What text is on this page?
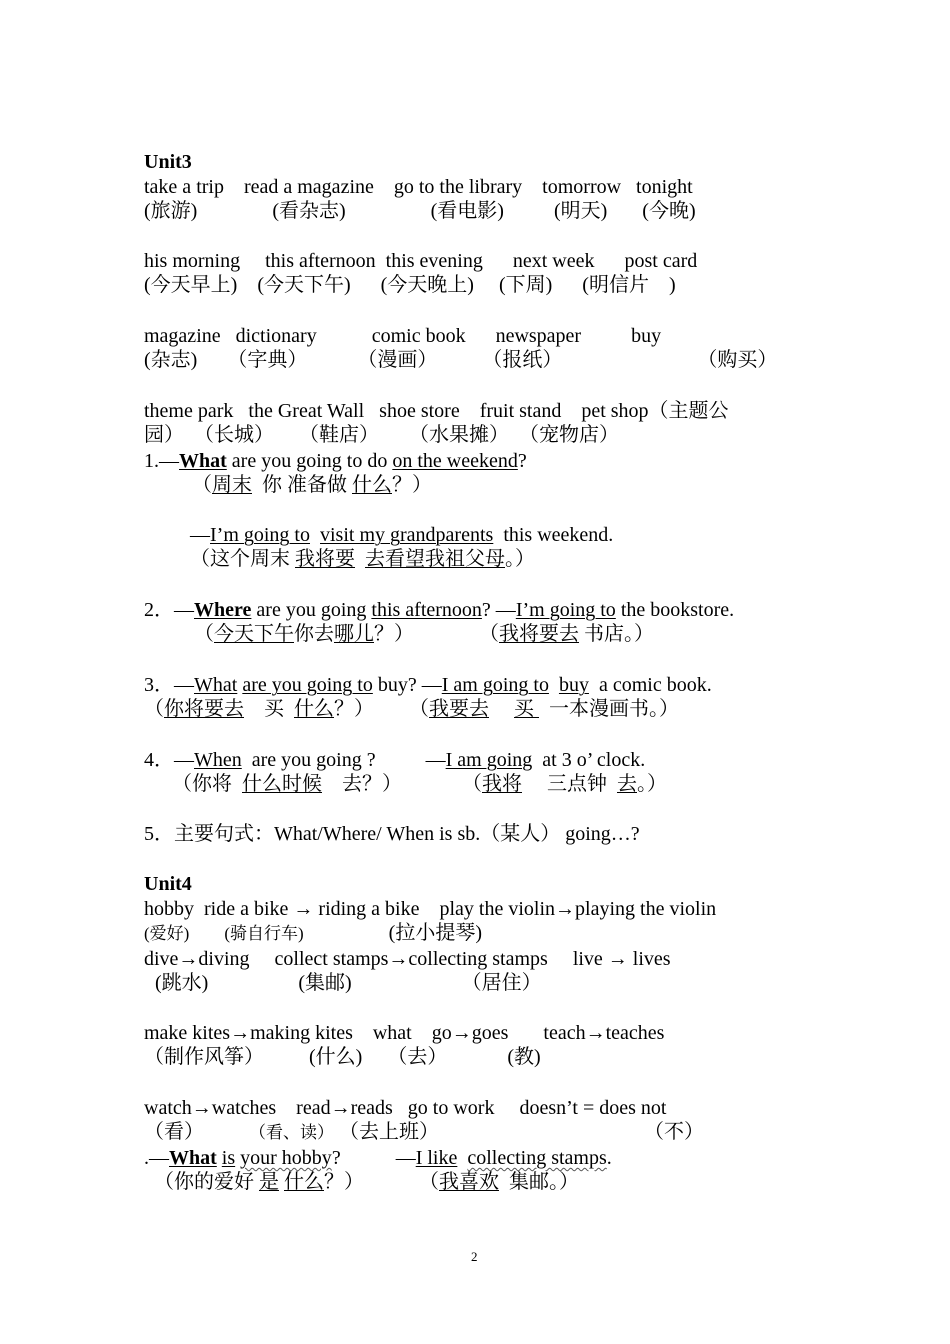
Unit3
take a trip    read a magazine    go to the library    tomorrow   tonight
(旅游)               (看杂志)                 (看电影)          (明天)       (今晚)
his morning     this afternoon  this evening      next week      post card
(今天早上)    (今天下午)      (今天晚上)     (下周)      (明信片    )
magazine   dictionary           comic book      newspaper          buy
(杂志)      （字典）          （漫画）         （报纸）                           （购买）
theme park   the Great Wall   shoe store    fruit stand    pet shop（主题公
园）  （长城）     （鞋店）      （水果摊）  （宠物店）
1.—What are you going to do on the weekend?
（周末  你 准备做 什么？）
—I’m going to visit my grandparents  this weekend.
（这个周末 我将要 去看望我祖父母。）
2．—Where are you going this afternoon? —I’m going to the bookstore.
（今天下午你去哪儿？）             （我将要去 书店。）
3．—What are you going to buy? —I am going to buy  a comic book.
（你将要去    买  什么？）       （我要去 买   一本漫画书。）
4．—When  are you going ?          —I am going  at 3 o’ clock.
（你将  什么时候    去？）            （我将     三点钟  去。）
5．主要句式：What/Where/ When is sb.（某人） going…?
Unit4
hobby  ride a bike → riding a bike    play the violin→playing the violin
(爱好) (骑自行车)                 (拉小提琴)
dive→diving     collect stamps→collecting stamps     live → lives
(跳水)                  (集邮)                      （居住）
make kites→making kites    what    go→goes       teach→teaches
（制作风筝）         (什么)     （去）            (教)
watch→watches    read→reads   go to work     doesn’t = does not
（看）         （看、读） （去上班）                                         （不）
.—What is your hobby?           —I like collecting stamps.
（你的爱好 是 什么？）           （我喜欢  集邮。）
2
